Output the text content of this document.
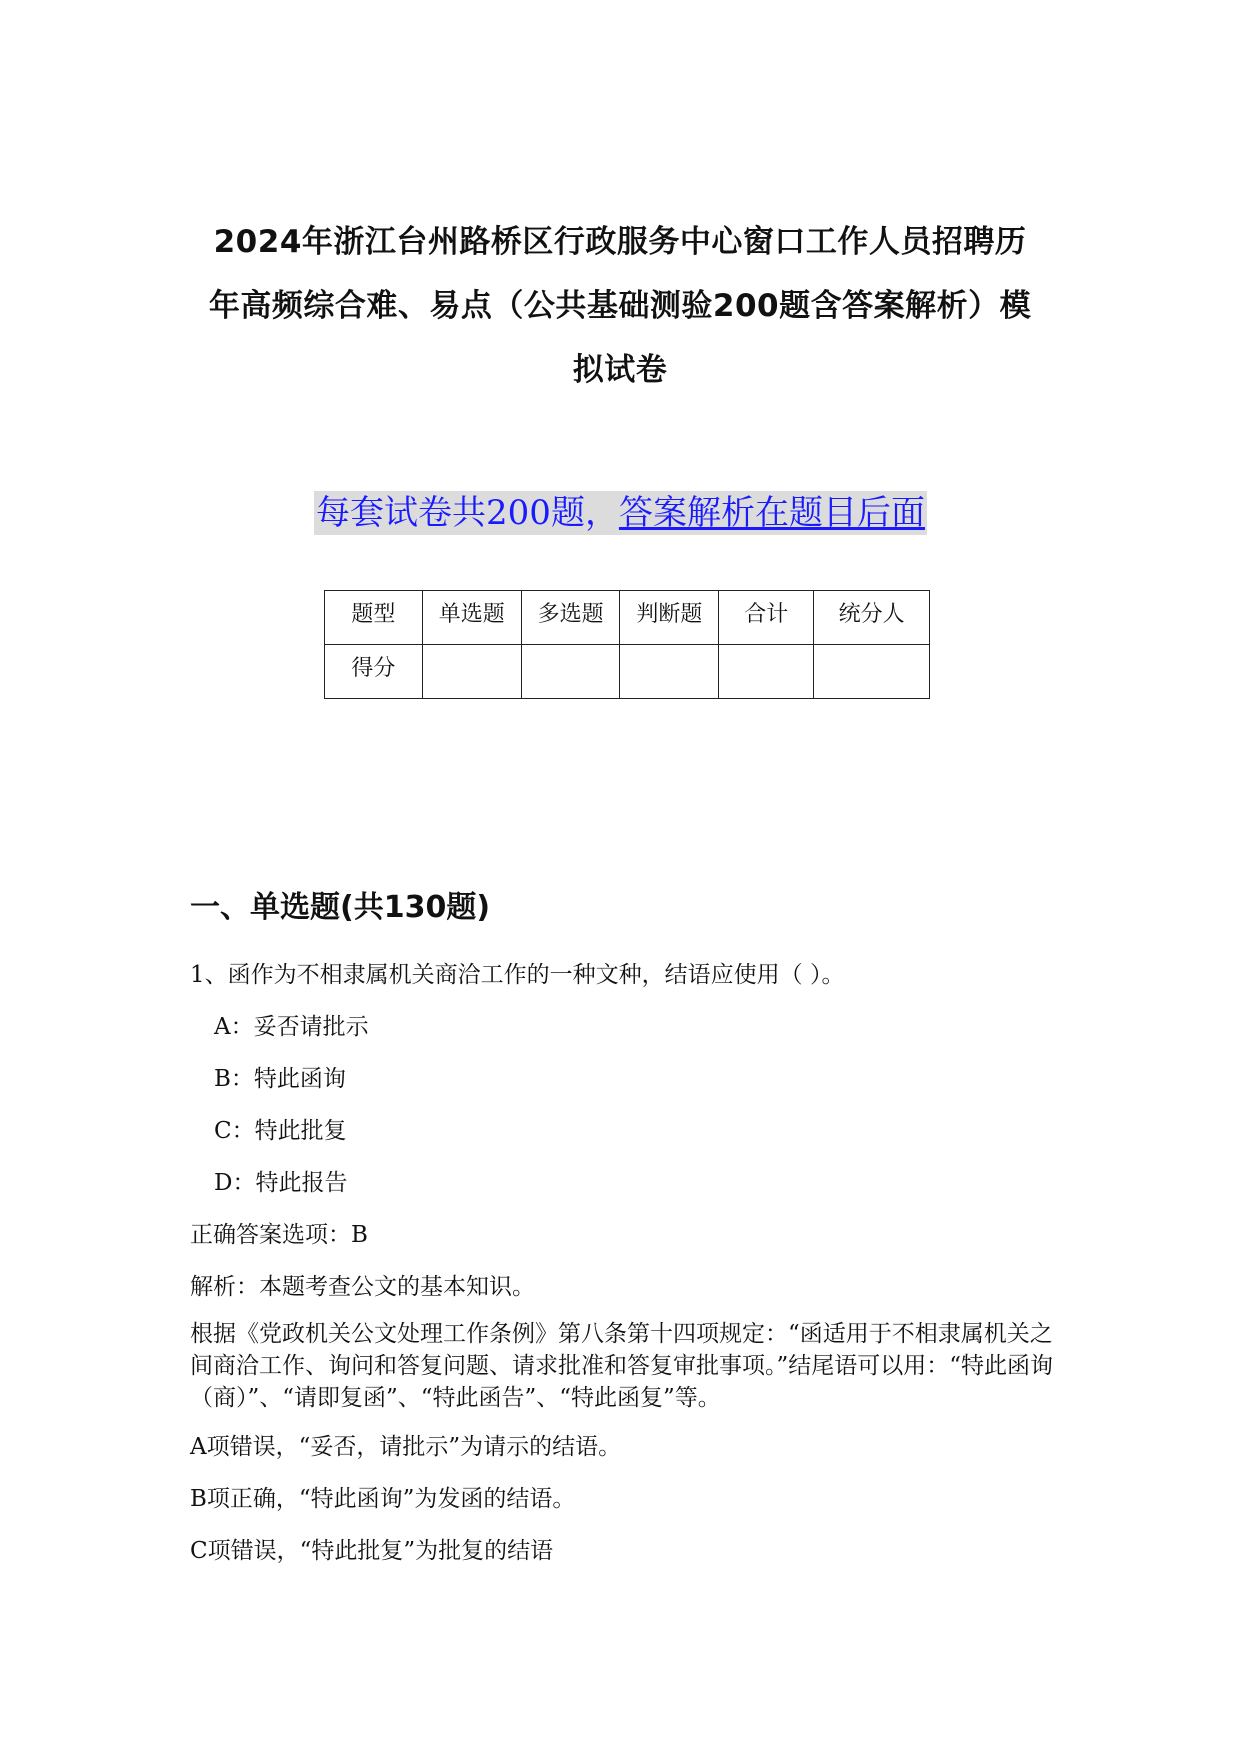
2024年浙江台州路桥区行政服务中心窗口工作人员招聘历
年高频综合难、易点（公共基础测验200题含答案解析）模
拟试卷
每套试卷共200题，答案解析在题目后面
题型	单选题	多选题	判断题	合计	统分人
得分					
一、单选题(共130题)

1、函作为不相隶属机关商洽工作的一种文种，结语应使用（ ）。

A：妥否请批示

B：特此函询

C：特此批复

D：特此报告

正确答案选项：B

解析：本题考查公文的基本知识。

根据《党政机关公文处理工作条例》第八条第十四项规定：“函适用于不相隶属机关之间商洽工作、询问和答复问题、请求批准和答复审批事项。”结尾语可以用：“特此函询（商）”、“请即复函”、“特此函告”、“特此函复”等。

A项错误，“妥否，请批示”为请示的结语。

B项正确，“特此函询”为发函的结语。

C项错误，“特此批复”为批复的结语
